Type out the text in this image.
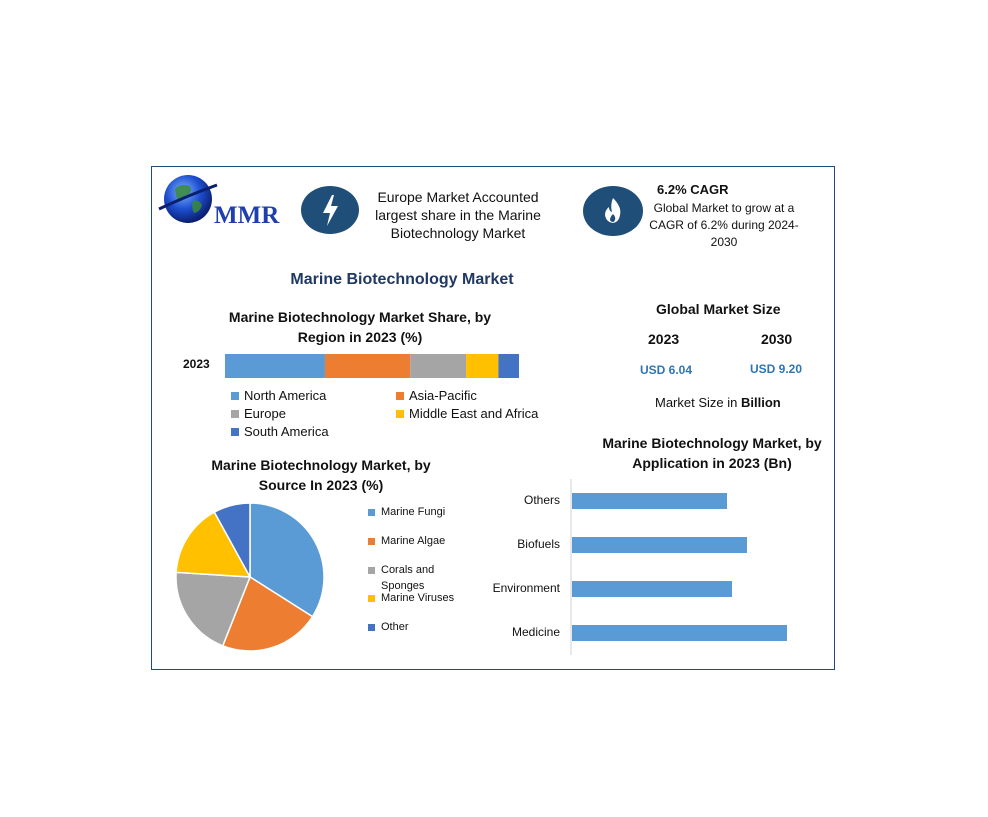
MMR
Europe Market Accounted largest share in the Marine Biotechnology Market
6.2% CAGR
Global Market to grow at a CAGR of 6.2% during 2024-2030
Marine Biotechnology Market
Marine Biotechnology Market Share, by Region in 2023 (%)
2023
North America	Asia-Pacific
Europe	Middle East and Africa
South America
Global Market Size
2023	2030
USD 6.04	USD 9.20
Market Size in Billion
Marine Biotechnology Market, by Source In 2023 (%)
Marine Fungi
Marine Algae
Corals and Sponges
Marine Viruses
Other
Marine Biotechnology Market, by Application in 2023 (Bn)
Others
Biofuels
Environment
Medicine
